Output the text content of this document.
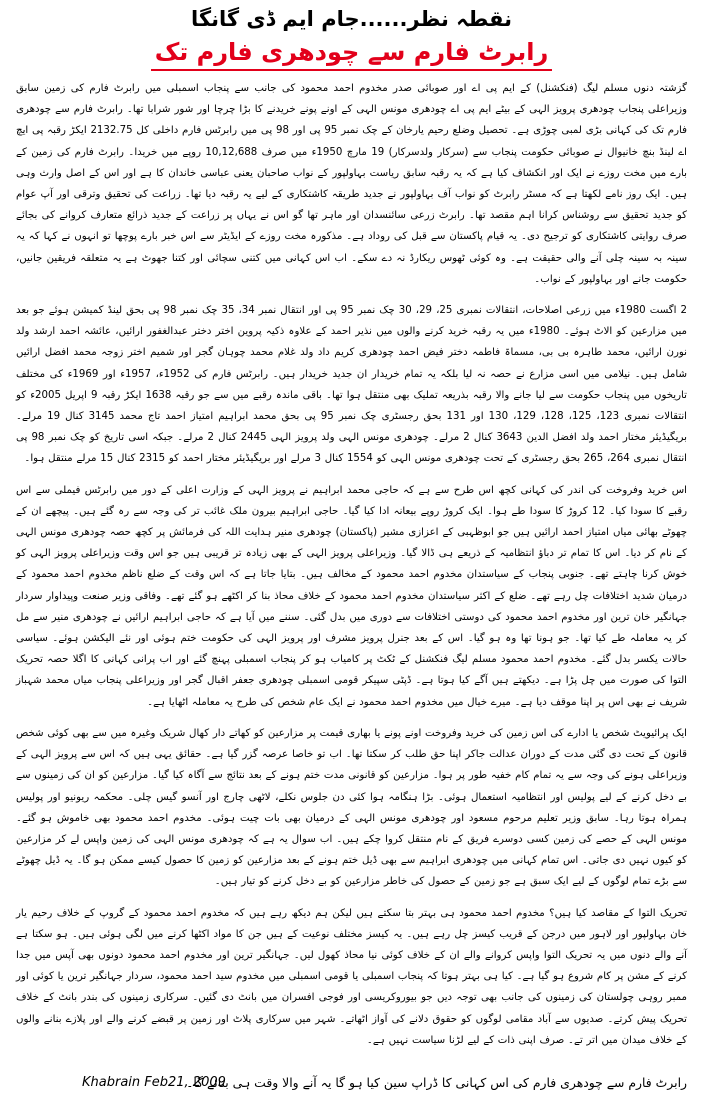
نقطہ نظر......جام ایم ڈی گانگا
رابرٹ فارم سے چودھری فارم تک

گزشتہ دنوں مسلم لیگ (فنکشنل) کے ایم پی اے اور صوبائی صدر مخدوم احمد محمود کی جانب سے پنجاب اسمبلی میں رابرٹ فارم کی زمین سابق وزیراعلی پنجاب چودھری پرویز الہی کے بیٹے ایم پی اے چودھری مونس الہی کے اونے پونے خریدنے کا بڑا چرچا اور شور شرابا تھا۔ رابرٹ فارم سے چودھری فارم تک کی کہانی بڑی لمبی چوڑی ہے۔ تحصیل وضلع رحیم یارخان کے چک نمبر 95 پی اور 98 پی میں رابرٹس فارم داخلی کل 2132.75 ایکڑ رقبہ پی ایچ اے لینڈ بنچ خانیوال نے صوبائی حکومت پنجاب سے (سرکار ولدسرکار) 19 مارچ 1950ء میں صرف 10,12,688 روپے میں خریدا۔ رابرٹ فارم کی زمین کے بارے میں مخت روزے نے ایک اور انکشاف کیا ہے کہ یہ رقبہ سابق ریاست بہاولپور کے نواب صاحبان یعنی عباسی خاندان کا ہے اور اس کے اصل وارث وہی ہیں۔ ایک روز نامے لکھتا ہے کہ مسٹر رابرٹ کو نواب آف بہاولپور نے جدید طریقہ کاشتکاری کے لیے یہ رقبہ دیا تھا۔ زراعت کی تحقیق وترقی اور آپ عوام کو جدید تحقیق سے روشناس کرانا اہم مقصد تھا۔ رابرٹ زرعی سائنسدان اور ماہر تھا گو اس نے یہاں پر زراعت کے جدید ذرائع متعارف کروانے کی بجائے صرف روایتی کاشتکاری کو ترجیح دی۔ یہ قیام پاکستان سے قبل کی روداد ہے۔ مذکورہ مخت روزے کے ایڈیٹر سے اس خبر بارے پوچھا تو انہوں نے کہا کہ یہ سینہ بہ سینہ چلی آنے والی حقیقت ہے۔ وہ کوئی ٹھوس ریکارڈ نہ دے سکے۔ اب اس کہانی میں کتنی سچائی اور کتنا جھوٹ ہے یہ متعلقہ فریقین جانیں، حکومت جانے اور بہاولپور کے نواب۔

2 اگست 1980ء میں زرعی اصلاحات، انتقالات نمبری 25، 29، 30 چک نمبر 95 پی اور انتقال نمبر 34، 35 چک نمبر 98 پی بحق لینڈ کمیشن ہوئے جو بعد میں مزارعین کو الاٹ ہوئے۔ 1980ء میں یہ رقبہ خرید کرنے والوں میں نذیر احمد کے علاوہ ذکیہ پروین اختر دختر عبدالغفور ارائیں، عائشہ احمد ارشد ولد نورن ارائیں، محمد طاہرہ بی بی، مسماۃ فاطمہ دختر فیض احمد چودھری کریم داد ولد غلام محمد چوہان گجر اور شمیم اختر زوجہ محمد افضل ارائیں شامل ہیں۔ نیلامی میں اسی مزارع نے حصہ نہ لیا بلکہ یہ تمام خریدار ان جدید خریدار ہیں۔ رابرٹس فارم کی 1952ء، 1957ء اور 1969ء کی مختلف تاریخوں میں پنجاب حکومت سے لیا جانے والا رقبہ بذریعہ تملیک بھی منتقل ہوا تھا۔ باقی ماندہ رقبے میں سے جو رقبہ 1638 ایکڑ رقبہ 9 اپریل 2005ء کو انتقالات نمبری 123، 125، 128، 129، 130 اور 131 بحق رجسٹری چک نمبر 95 پی بحق محمد ابراہیم امتیاز احمد تاج محمد 3145 کنال 19 مرلے۔ بریگیڈیئر مختار احمد ولد افضل الدین 3643 کنال 2 مرلے۔ چودھری مونس الہی ولد پرویز الہی 2445 کنال 2 مرلے۔ جبکہ اسی تاریخ کو چک نمبر 98 پی انتقال نمبری 264، 265 بحق رجسٹری کے تحت چودھری مونس الہی کو 1554 کنال 3 مرلے اور بریگیڈیئر مختار احمد کو 2315 کنال 15 مرلے منتقل ہوا۔

اس خرید وفروخت کی اندر کی کہانی کچھ اس طرح سے ہے کہ حاجی محمد ابراہیم نے پرویز الہی کے وزارت اعلی کے دور میں رابرٹس فیملی سے اس رقبے کا سودا کیا۔ 12 کروڑ کا سودا طے ہوا۔ ایک کروڑ روپے بیعانہ ادا کیا گیا۔ حاجی ابراہیم بیرون ملک غائب تر کی وجہ سے رہ گئے ہیں۔ پیچھے ان کے چھوٹے بھائی میاں امتیاز احمد ارائیں ہیں جو ابوظہبی کے اعزازی مشیر (پاکستان) چودھری منیر ہدایت اللہ کی فرمائش پر کچھ حصہ چودھری مونس الہی کے نام کر دیا۔ اس کا تمام تر دباؤ انتظامیہ کے ذریعے ہی ڈالا گیا۔ وزیراعلی پرویز الہی کے بھی زیادہ تر قریبی ہیں جو اس وقت وزیراعلی پرویز الہی کو خوش کرنا چاہتے تھے۔ جنوبی پنجاب کے سیاستدان مخدوم احمد محمود کے مخالف ہیں۔ بتایا جاتا ہے کہ اس وقت کے ضلع ناظم مخدوم احمد محمود کے درمیان شدید اختلافات چل رہے تھے۔ ضلع کے اکثر سیاستدان مخدوم احمد محمود کے خلاف محاذ بنا کر اکٹھے ہو گئے تھے۔ وفاقی وزیر صنعت وپیداوار سردار جہانگیر خان ترین اور مخدوم احمد محمود کی دوستی اختلافات سے دوری میں بدل گئی۔ سننے میں آیا ہے کہ حاجی ابراہیم ارائیں نے چودھری منیر سے مل کر یہ معاملہ طے کیا تھا۔ جو ہونا تھا وہ ہو گیا۔ اس کے بعد جنرل پرویز مشرف اور پرویز الہی کی حکومت ختم ہوئی اور نئے الیکشن ہوئے۔ سیاسی حالات یکسر بدل گئے۔ مخدوم احمد محمود مسلم لیگ فنکشنل کے ٹکٹ پر کامیاب ہو کر پنجاب اسمبلی پہنچ گئے اور اب پرانی کہانی کا اگلا حصہ تحریک التوا کی صورت میں چل پڑا ہے۔ دیکھتے ہیں آگے کیا ہوتا ہے۔ ڈپٹی سپیکر قومی اسمبلی چودھری جعفر اقبال گجر اور وزیراعلی پنجاب میاں محمد شہباز شریف نے بھی اس پر اپنا موقف دیا ہے۔ میرے خیال میں مخدوم احمد محمود نے ایک عام شخص کی طرح یہ معاملہ اٹھایا ہے۔

ایک پرائیویٹ شخص یا ادارے کی اس زمین کی خرید وفروخت اونے پونے یا بھاری قیمت پر مزارعین کو کھاتے دار کھال شریک وغیرہ میں سے بھی کوئی شخص قانون کے تحت دی گئی مدت کے دوران عدالت جاکر اپنا حق طلب کر سکتا تھا۔ اب تو خاصا عرصہ گزر گیا ہے۔ حقائق یہی ہیں کہ اس سے پرویز الہی کے وزیراعلی ہونے کی وجہ سے یہ تمام کام خفیہ طور پر ہوا۔ مزارعین کو قانونی مدت ختم ہونے کے بعد نتائج سے آگاہ کیا گیا۔ مزارعین کو ان کی زمینوں سے بے دخل کرنے کے لیے پولیس اور انتظامیہ استعمال ہوئی۔ بڑا ہنگامہ ہوا کئی دن جلوس نکلے، لاٹھی چارج اور آنسو گیس چلی۔ محکمہ ریونیو اور پولیس ہمراہ ہوتا رہا۔ سابق وزیر تعلیم مرحوم مسعود اور چودھری مونس الہی کے درمیان بھی بات چیت ہوئی۔ مخدوم احمد محمود بھی خاموش ہو گئے۔ مونس الہی کے حصے کی زمین کسی دوسرے فریق کے نام منتقل کروا چکے ہیں۔ اب سوال یہ ہے کہ چودھری مونس الہی کی زمین واپس لے کر مزارعین کو کیوں نہیں دی جاتی۔ اس تمام کہانی میں چودھری ابراہیم سے بھی ڈیل ختم ہونے کے بعد مزارعین کو زمین کا حصول کیسے ممکن ہو گا۔ یہ ڈیل چھوٹے سے بڑے تمام لوگوں کے لیے ایک سبق ہے جو زمین کے حصول کی خاطر مزارعین کو بے دخل کرنے کو تیار ہیں۔

تحریک التوا کے مقاصد کیا ہیں؟ مخدوم احمد محمود ہی بہتر بتا سکتے ہیں لیکن ہم دیکھ رہے ہیں کہ مخدوم احمد محمود کے گروپ کے خلاف رحیم یار خان بہاولپور اور لاہور میں درجن کے قریب کیسز چل رہے ہیں۔ یہ کیسز مختلف نوعیت کے ہیں جن کا مواد اکٹھا کرنے میں لگی ہوئی ہیں۔ ہو سکتا ہے آنے والے دنوں میں یہ تحریک التوا واپس کروانے والے ان کے خلاف کوئی نیا محاذ کھول لیں۔ جہانگیر ترین اور مخدوم احمد محمود دونوں بھی آپس میں جدا کرنے کے مشن پر کام شروع ہو گیا ہے۔ کیا ہی بہتر ہوتا کہ پنجاب اسمبلی یا قومی اسمبلی میں مخدوم سید احمد محمود، سردار جہانگیر ترین یا کوئی اور ممبر روہی چولستان کی زمینوں کی جانب بھی توجہ دیں جو بیوروکریسی اور فوجی افسران میں بانٹ دی گئیں۔ سرکاری زمینوں کی بندر بانٹ کے خلاف تحریک پیش کرتے۔ صدیوں سے آباد مقامی لوگوں کو حقوق دلانے کی آواز اٹھاتے۔ شہر میں سرکاری پلاٹ اور زمین پر قبضے کرنے والے اور پلازے بنانے والوں کے خلاف میدان میں اتر تے۔ صرف اپنی ذات کے لیے لڑنا سیاست نہیں ہے۔

Khabrain Feb21, 2009
رابرٹ فارم سے چودھری فارم کی اس کہانی کا ڈراپ سین کیا ہو گا یہ آنے والا وقت ہی بتائے گا۔
